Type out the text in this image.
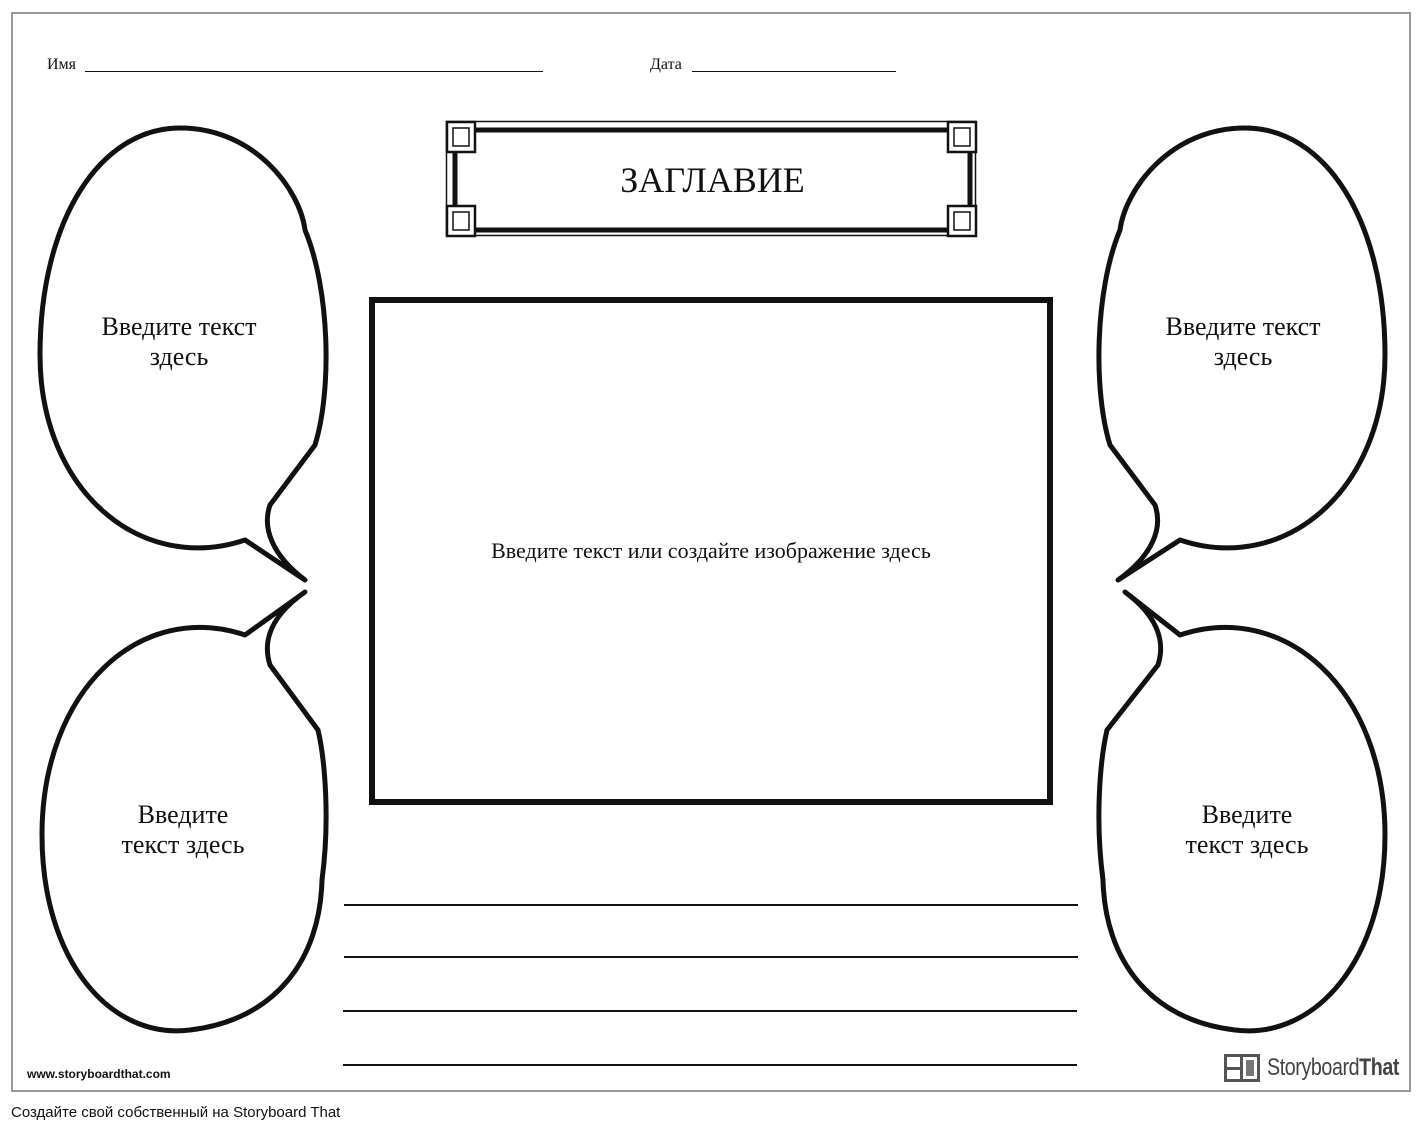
Имя	Дата
ЗАГЛАВИЕ
Введите текст или создайте изображение здесь
Введите текст
здесь
Введите текст
здесь
Введите
текст здесь
Введите
текст здесь
www.storyboardthat.com	StoryboardThat
Создайте свой собственный на Storyboard That
